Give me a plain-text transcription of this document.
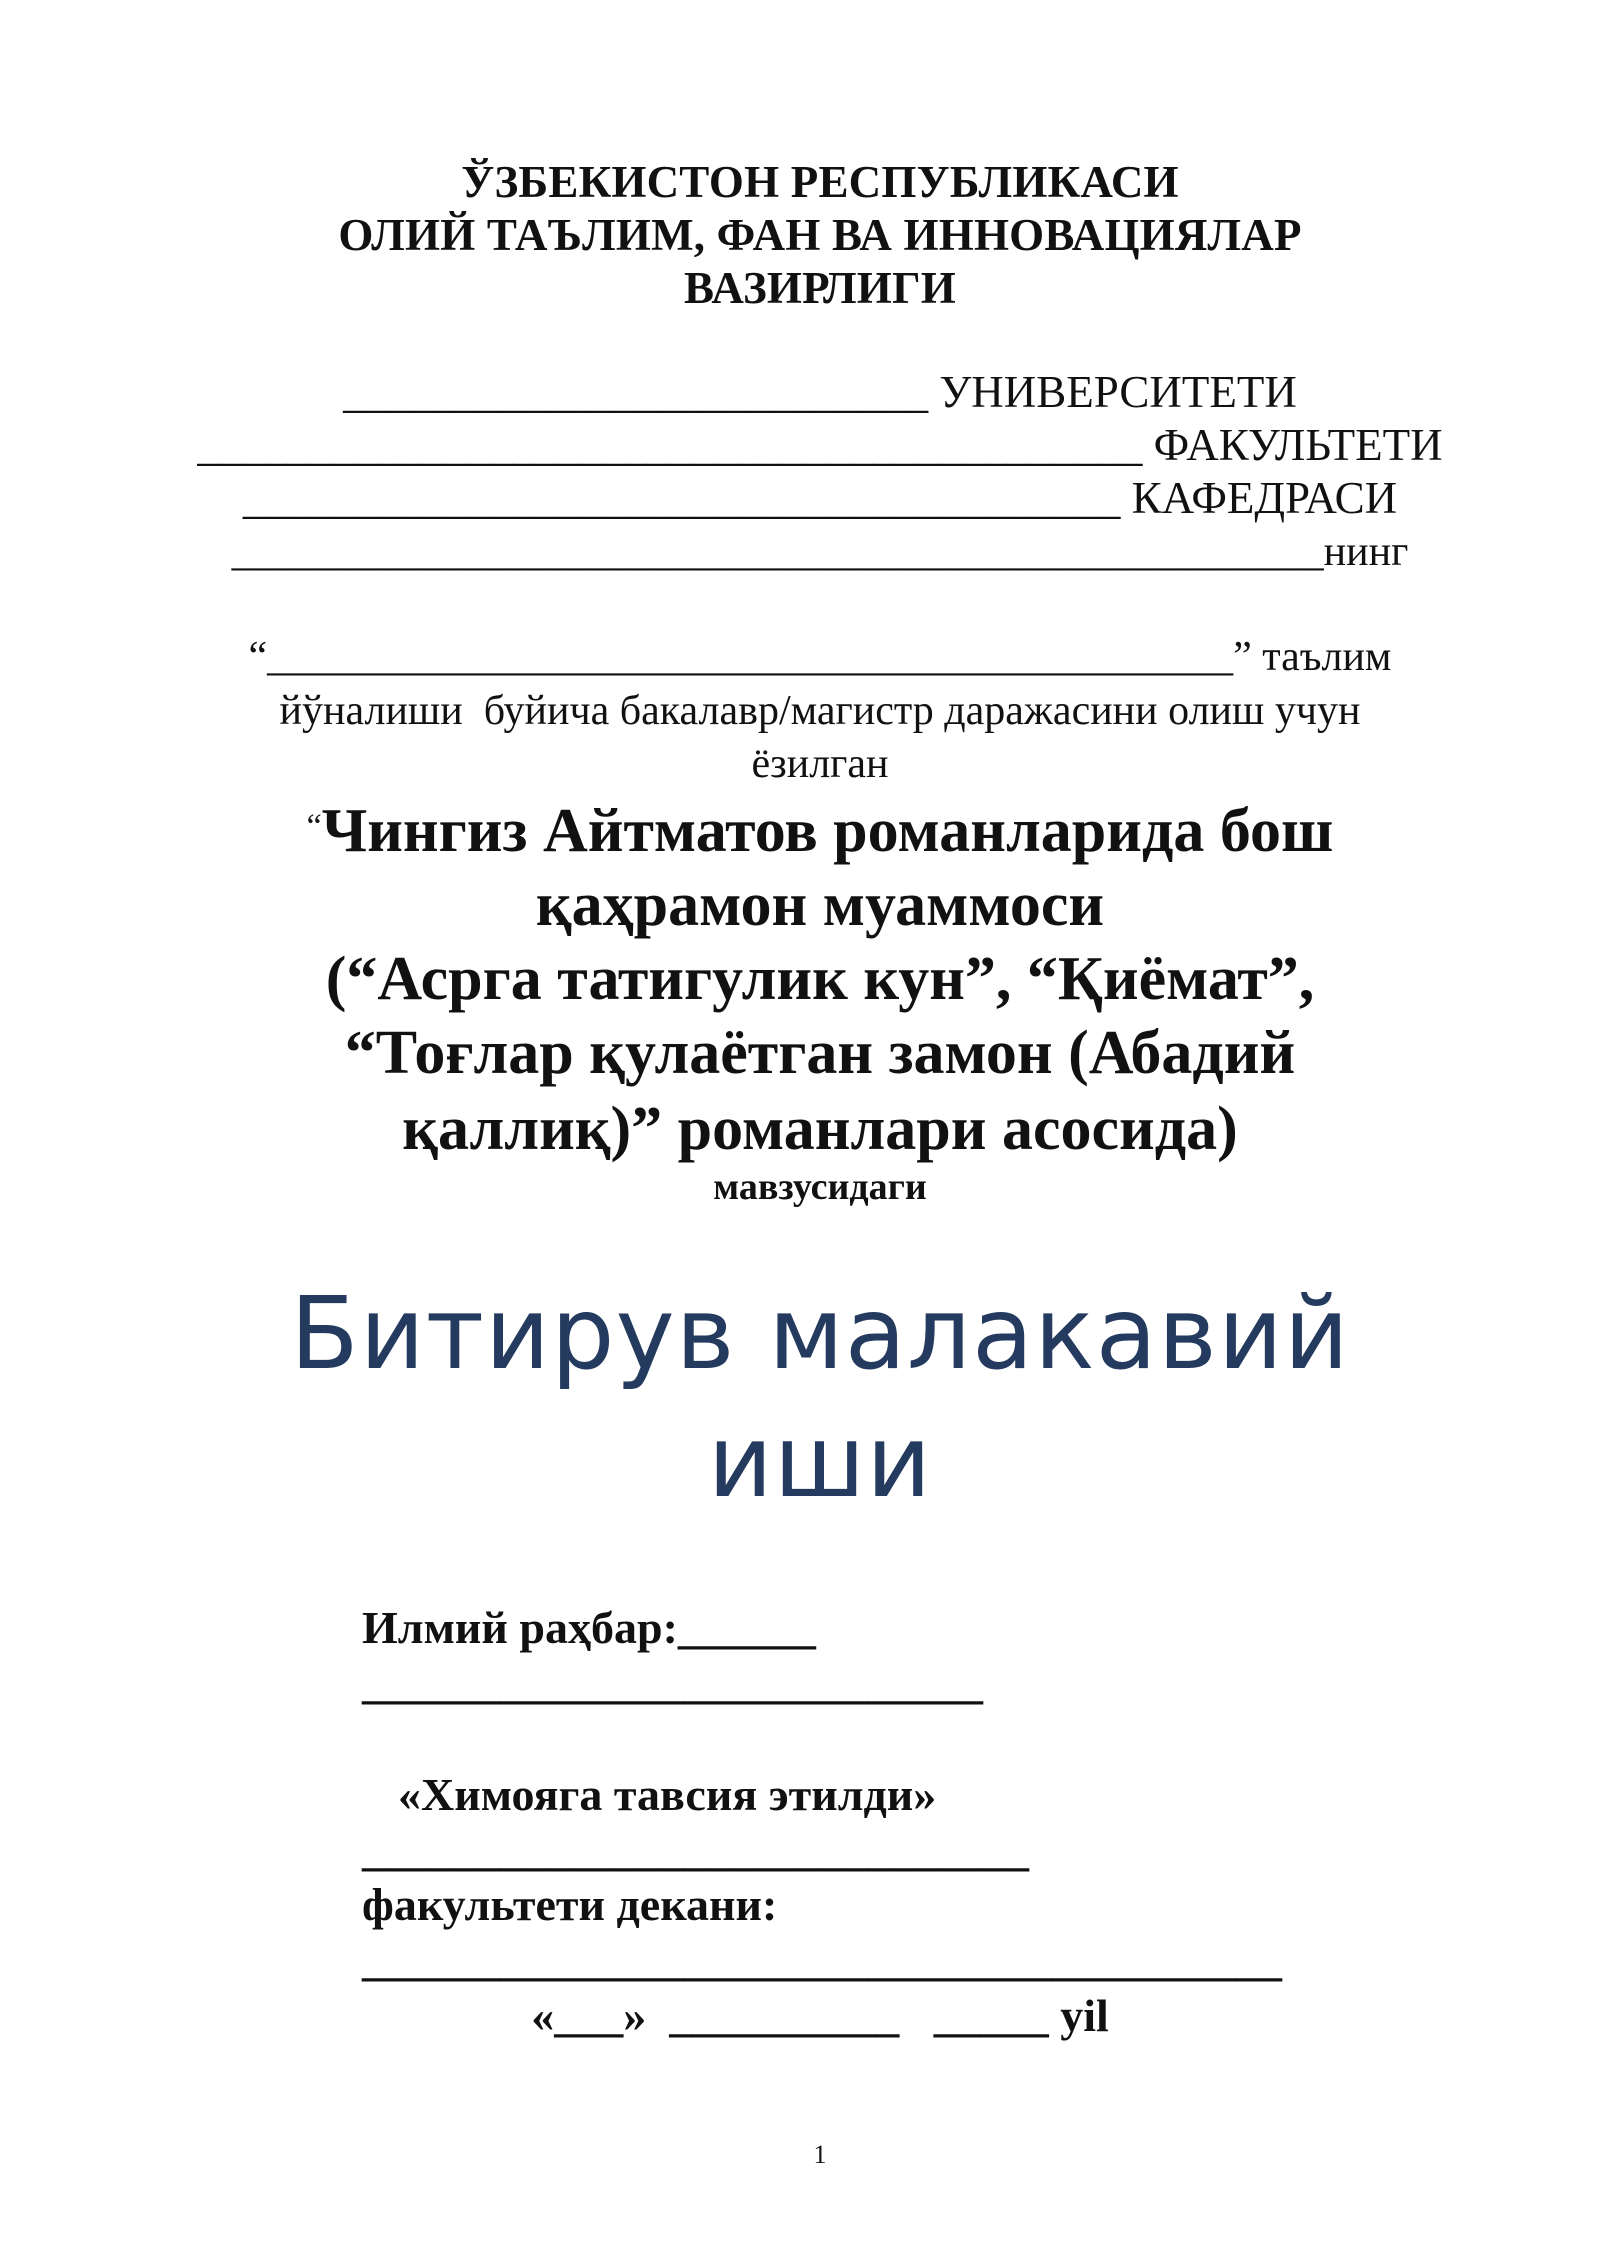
ЎЗБЕКИСТОН РЕСПУБЛИКАСИ
ОЛИЙ ТАЪЛИМ, ФАН ВА ИННОВАЦИЯЛАР
ВАЗИРЛИГИ
__________________________ УНИВЕРСИТЕТИ
__________________________________________ ФАКУЛЬТЕТИ
_______________________________________ КАФЕДРАСИ
____________________________________________________нинг
“______________________________________________” таълим
йўналиши  буйича бакалавр/магистр даражасини олиш учун
ёзилган
“Чингиз Айтматов романларида бош
қаҳрамон муаммоси
(“Асрга татигулик кун”, “Қиёмат”,
“Тоғлар қулаётган замон (Абадий
қаллиқ)” романлари асосида)
мавзусидаги
Битирув малакавий
иши
Илмий раҳбар:______
___________________________
«Химояга тавсия этилди»
_____________________________
факультети декани:
________________________________________
«___»  __________   _____ yil
1
